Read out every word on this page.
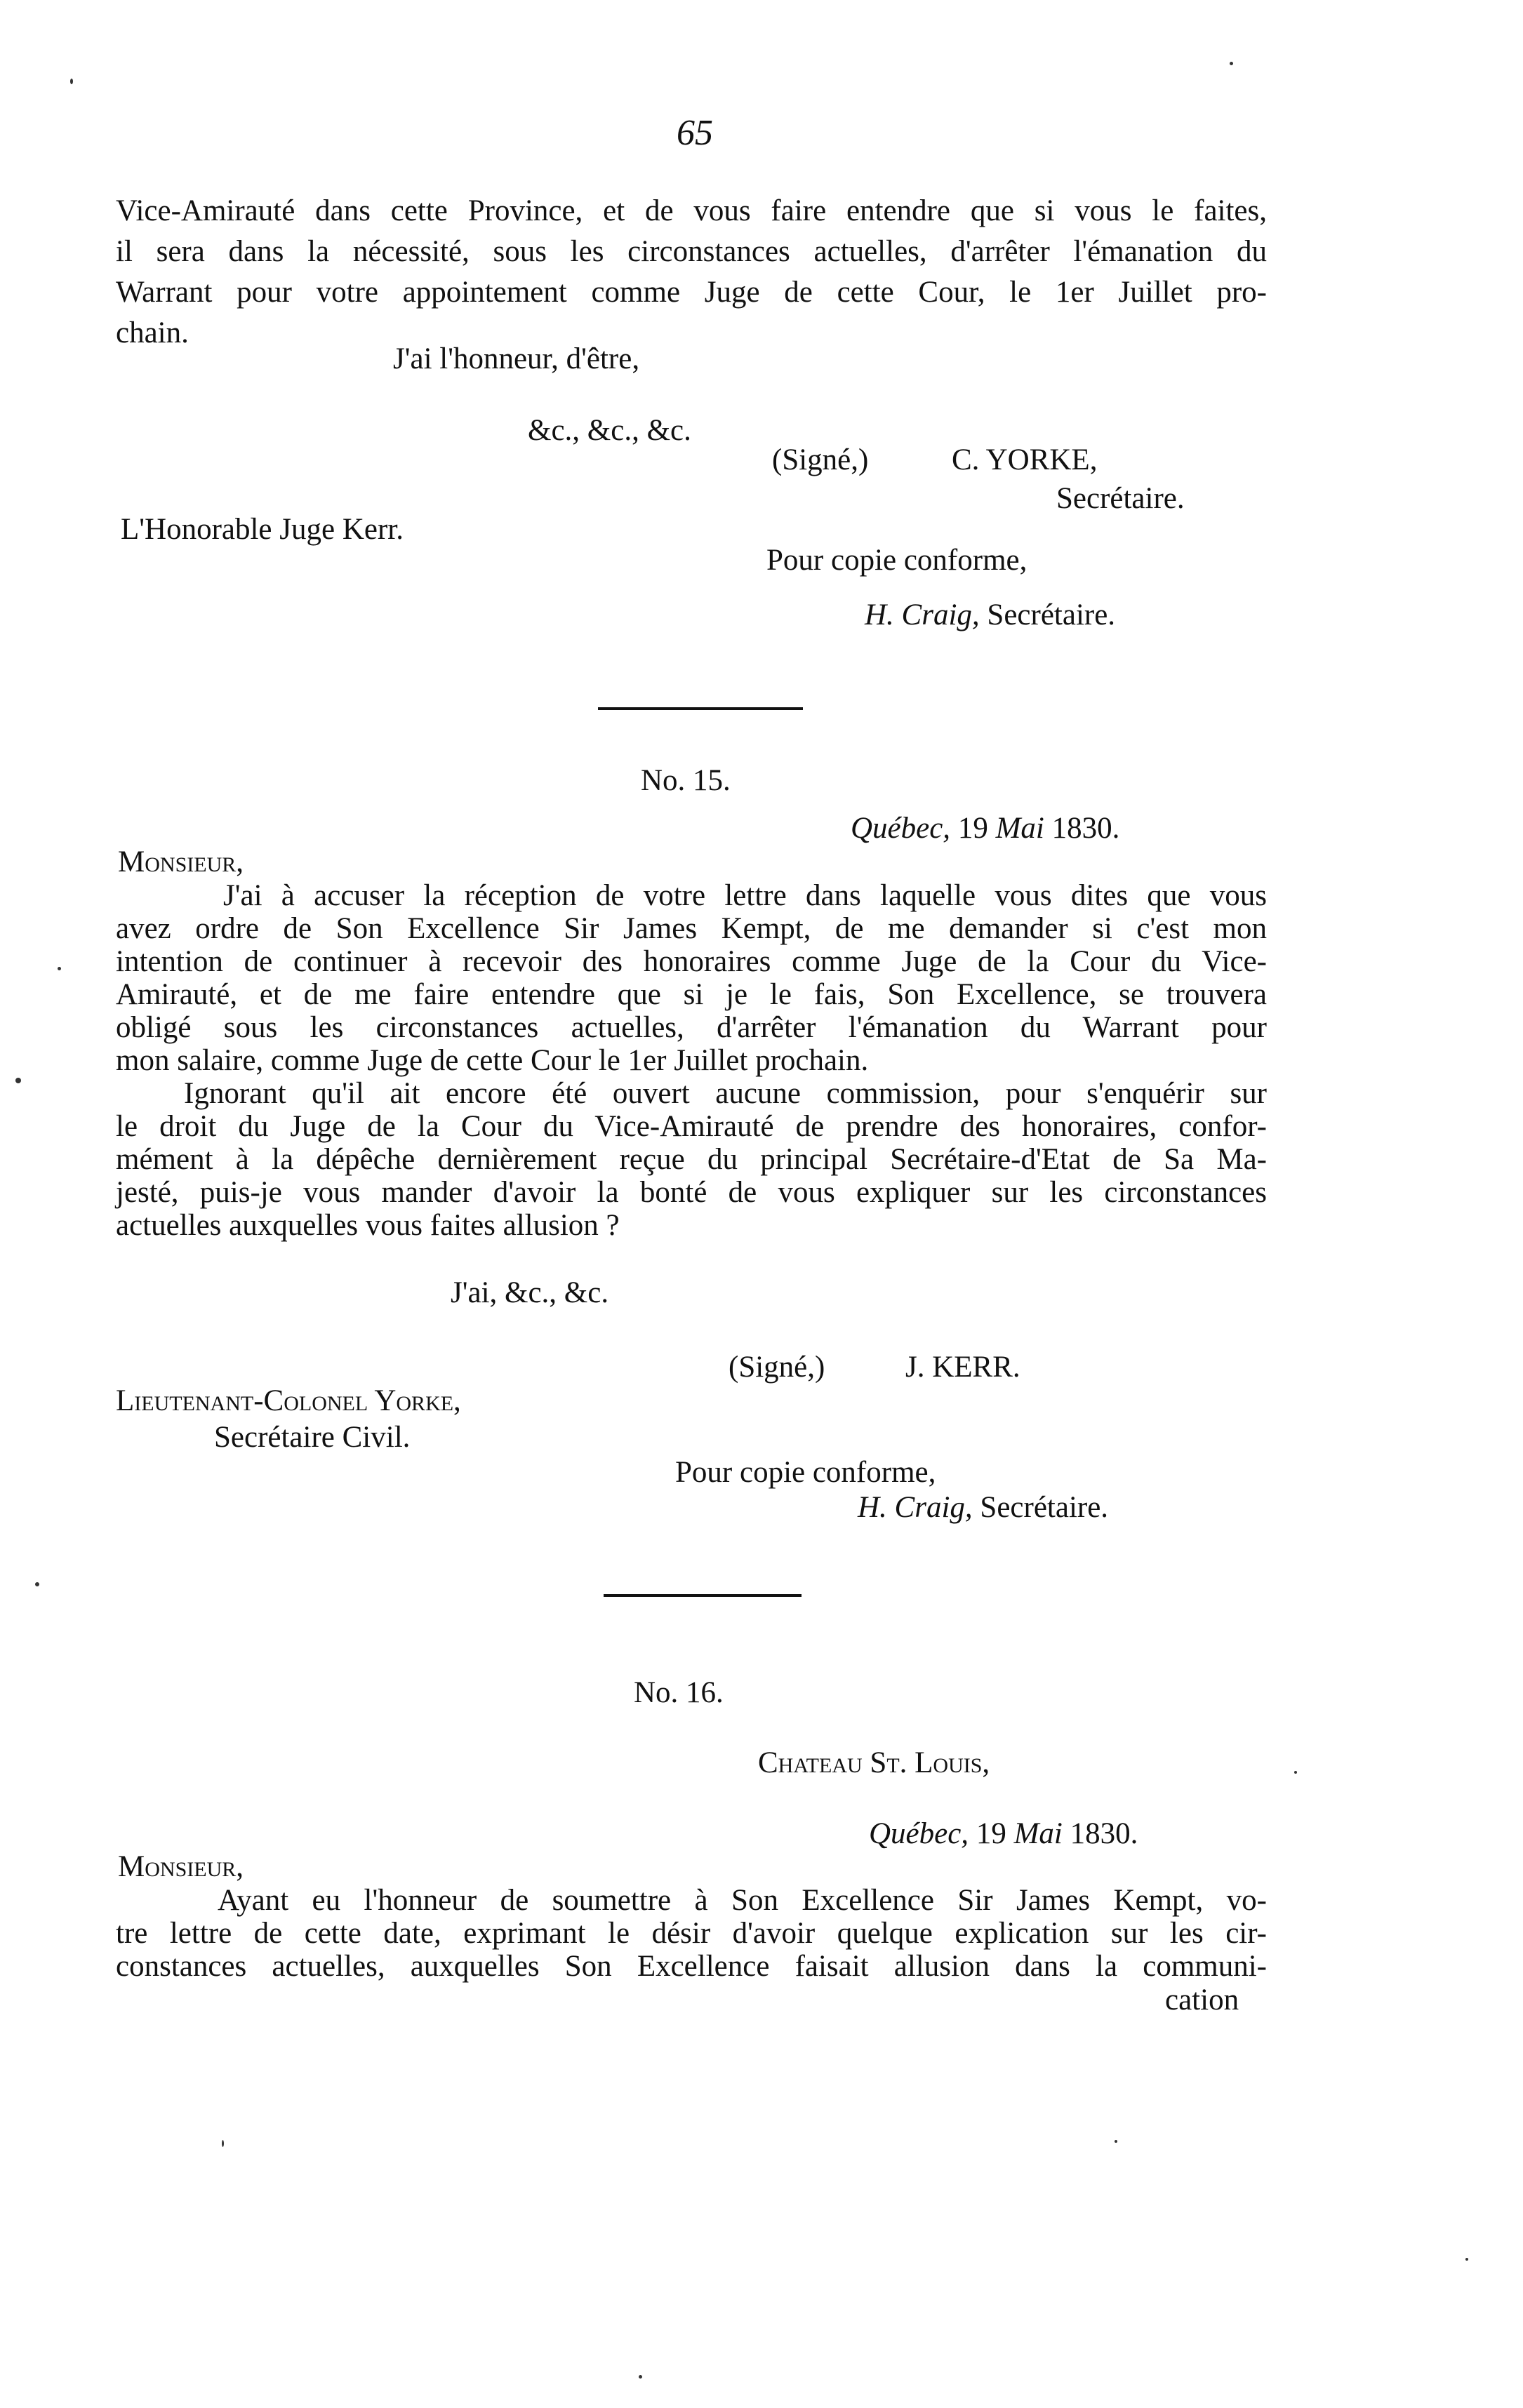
65
Vice-Amirauté dans cette Province, et de vous faire entendre que si vous le faites,
il sera dans la nécessité, sous les circonstances actuelles, d'arrêter l'émanation du
Warrant pour votre appointement comme Juge de cette Cour, le 1er Juillet pro-
chain.
J'ai l'honneur, d'être,
&c., &c., &c.
(Signé,)	C. YORKE,
Secrétaire.
L'Honorable Juge Kerr.
Pour copie conforme,
H. Craig, Secrétaire.
No. 15.
Québec, 19 Mai 1830.
Monsieur,
J'ai à accuser la réception de votre lettre dans laquelle vous dites que vous
avez ordre de Son Excellence Sir James Kempt, de me demander si c'est mon
intention de continuer à recevoir des honoraires comme Juge de la Cour du Vice-
Amirauté, et de me faire entendre que si je le fais, Son Excellence, se trouvera
obligé sous les circonstances actuelles, d'arrêter l'émanation du Warrant pour
mon salaire, comme Juge de cette Cour le 1er Juillet prochain.
Ignorant qu'il ait encore été ouvert aucune commission, pour s'enquérir sur
le droit du Juge de la Cour du Vice-Amirauté de prendre des honoraires, confor-
mément à la dépêche dernièrement reçue du principal Secrétaire-d'Etat de Sa Ma-
jesté, puis-je vous mander d'avoir la bonté de vous expliquer sur les circonstances
actuelles auxquelles vous faites allusion ?
J'ai, &c., &c.
(Signé,)	J. KERR.
Lieutenant-Colonel Yorke,
Secrétaire Civil.
Pour copie conforme,
H. Craig, Secrétaire.
No. 16.
Chateau St. Louis,
Québec, 19 Mai 1830.
Monsieur,
Ayant eu l'honneur de soumettre à Son Excellence Sir James Kempt, vo-
tre lettre de cette date, exprimant le désir d'avoir quelque explication sur les cir-
constances actuelles, auxquelles Son Excellence faisait allusion dans la communi-
cation
